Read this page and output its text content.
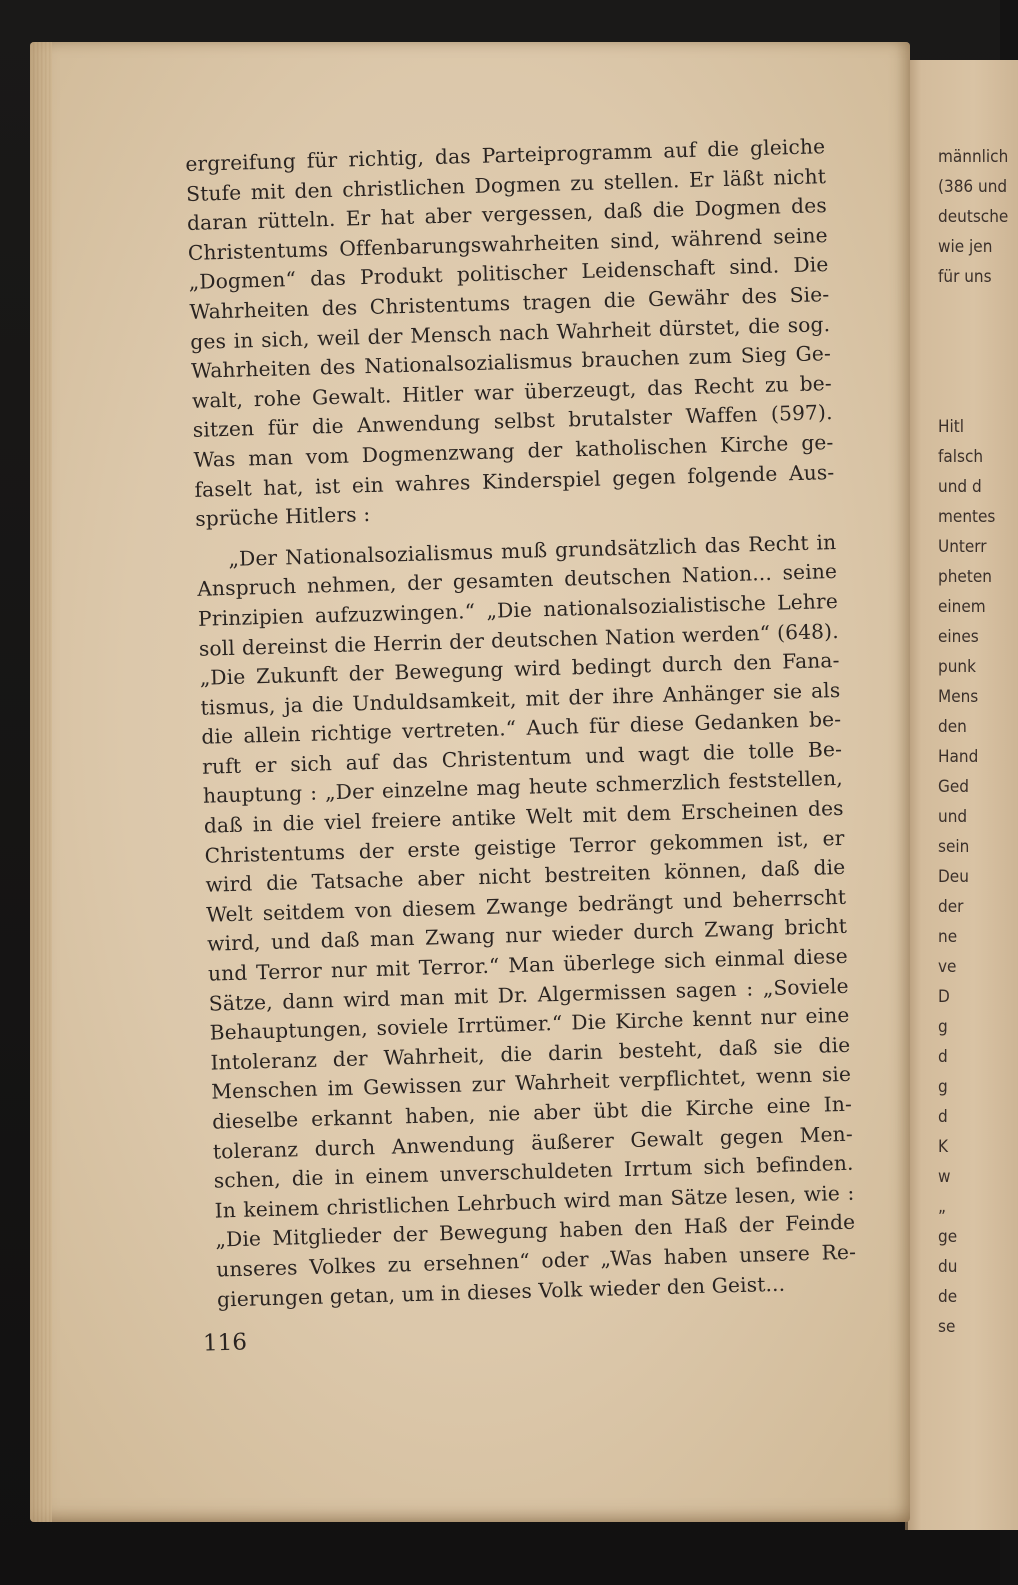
männlich
(386 und
deutsche
wie jen
für uns
Hitl
falsch
und d
mentes
Unterr
pheten
einem
eines
punk
Mens
den
Hand
Ged
und
sein
Deu
der
ne
ve
D
g
d
g
d
K
w
„
ge
du
de
se
ergreifung für richtig, das Parteiprogramm auf die gleiche
Stufe mit den christlichen Dogmen zu stellen. Er läßt nicht
daran rütteln. Er hat aber vergessen, daß die Dogmen des
Christentums Offenbarungswahrheiten sind, während seine
„Dogmen“ das Produkt politischer Leidenschaft sind. Die
Wahrheiten des Christentums tragen die Gewähr des Sie-
ges in sich, weil der Mensch nach Wahrheit dürstet, die sog.
Wahrheiten des Nationalsozialismus brauchen zum Sieg Ge-
walt, rohe Gewalt. Hitler war überzeugt, das Recht zu be-
sitzen für die Anwendung selbst brutalster Waffen (597).
Was man vom Dogmenzwang der katholischen Kirche ge-
faselt hat, ist ein wahres Kinderspiel gegen folgende Aus-
sprüche Hitlers :
„Der Nationalsozialismus muß grundsätzlich das Recht in
Anspruch nehmen, der gesamten deutschen Nation... seine
Prinzipien aufzuzwingen.“ „Die nationalsozialistische Lehre
soll dereinst die Herrin der deutschen Nation werden“ (648).
„Die Zukunft der Bewegung wird bedingt durch den Fana-
tismus, ja die Unduldsamkeit, mit der ihre Anhänger sie als
die allein richtige vertreten.“ Auch für diese Gedanken be-
ruft er sich auf das Christentum und wagt die tolle Be-
hauptung : „Der einzelne mag heute schmerzlich feststellen,
daß in die viel freiere antike Welt mit dem Erscheinen des
Christentums der erste geistige Terror gekommen ist, er
wird die Tatsache aber nicht bestreiten können, daß die
Welt seitdem von diesem Zwange bedrängt und beherrscht
wird, und daß man Zwang nur wieder durch Zwang bricht
und Terror nur mit Terror.“ Man überlege sich einmal diese
Sätze, dann wird man mit Dr. Algermissen sagen : „Soviele
Behauptungen, soviele Irrtümer.“ Die Kirche kennt nur eine
Intoleranz der Wahrheit, die darin besteht, daß sie die
Menschen im Gewissen zur Wahrheit verpflichtet, wenn sie
dieselbe erkannt haben, nie aber übt die Kirche eine In-
toleranz durch Anwendung äußerer Gewalt gegen Men-
schen, die in einem unverschuldeten Irrtum sich befinden.
In keinem christlichen Lehrbuch wird man Sätze lesen, wie :
„Die Mitglieder der Bewegung haben den Haß der Feinde
unseres Volkes zu ersehnen“ oder „Was haben unsere Re-
gierungen getan, um in dieses Volk wieder den Geist...
116
